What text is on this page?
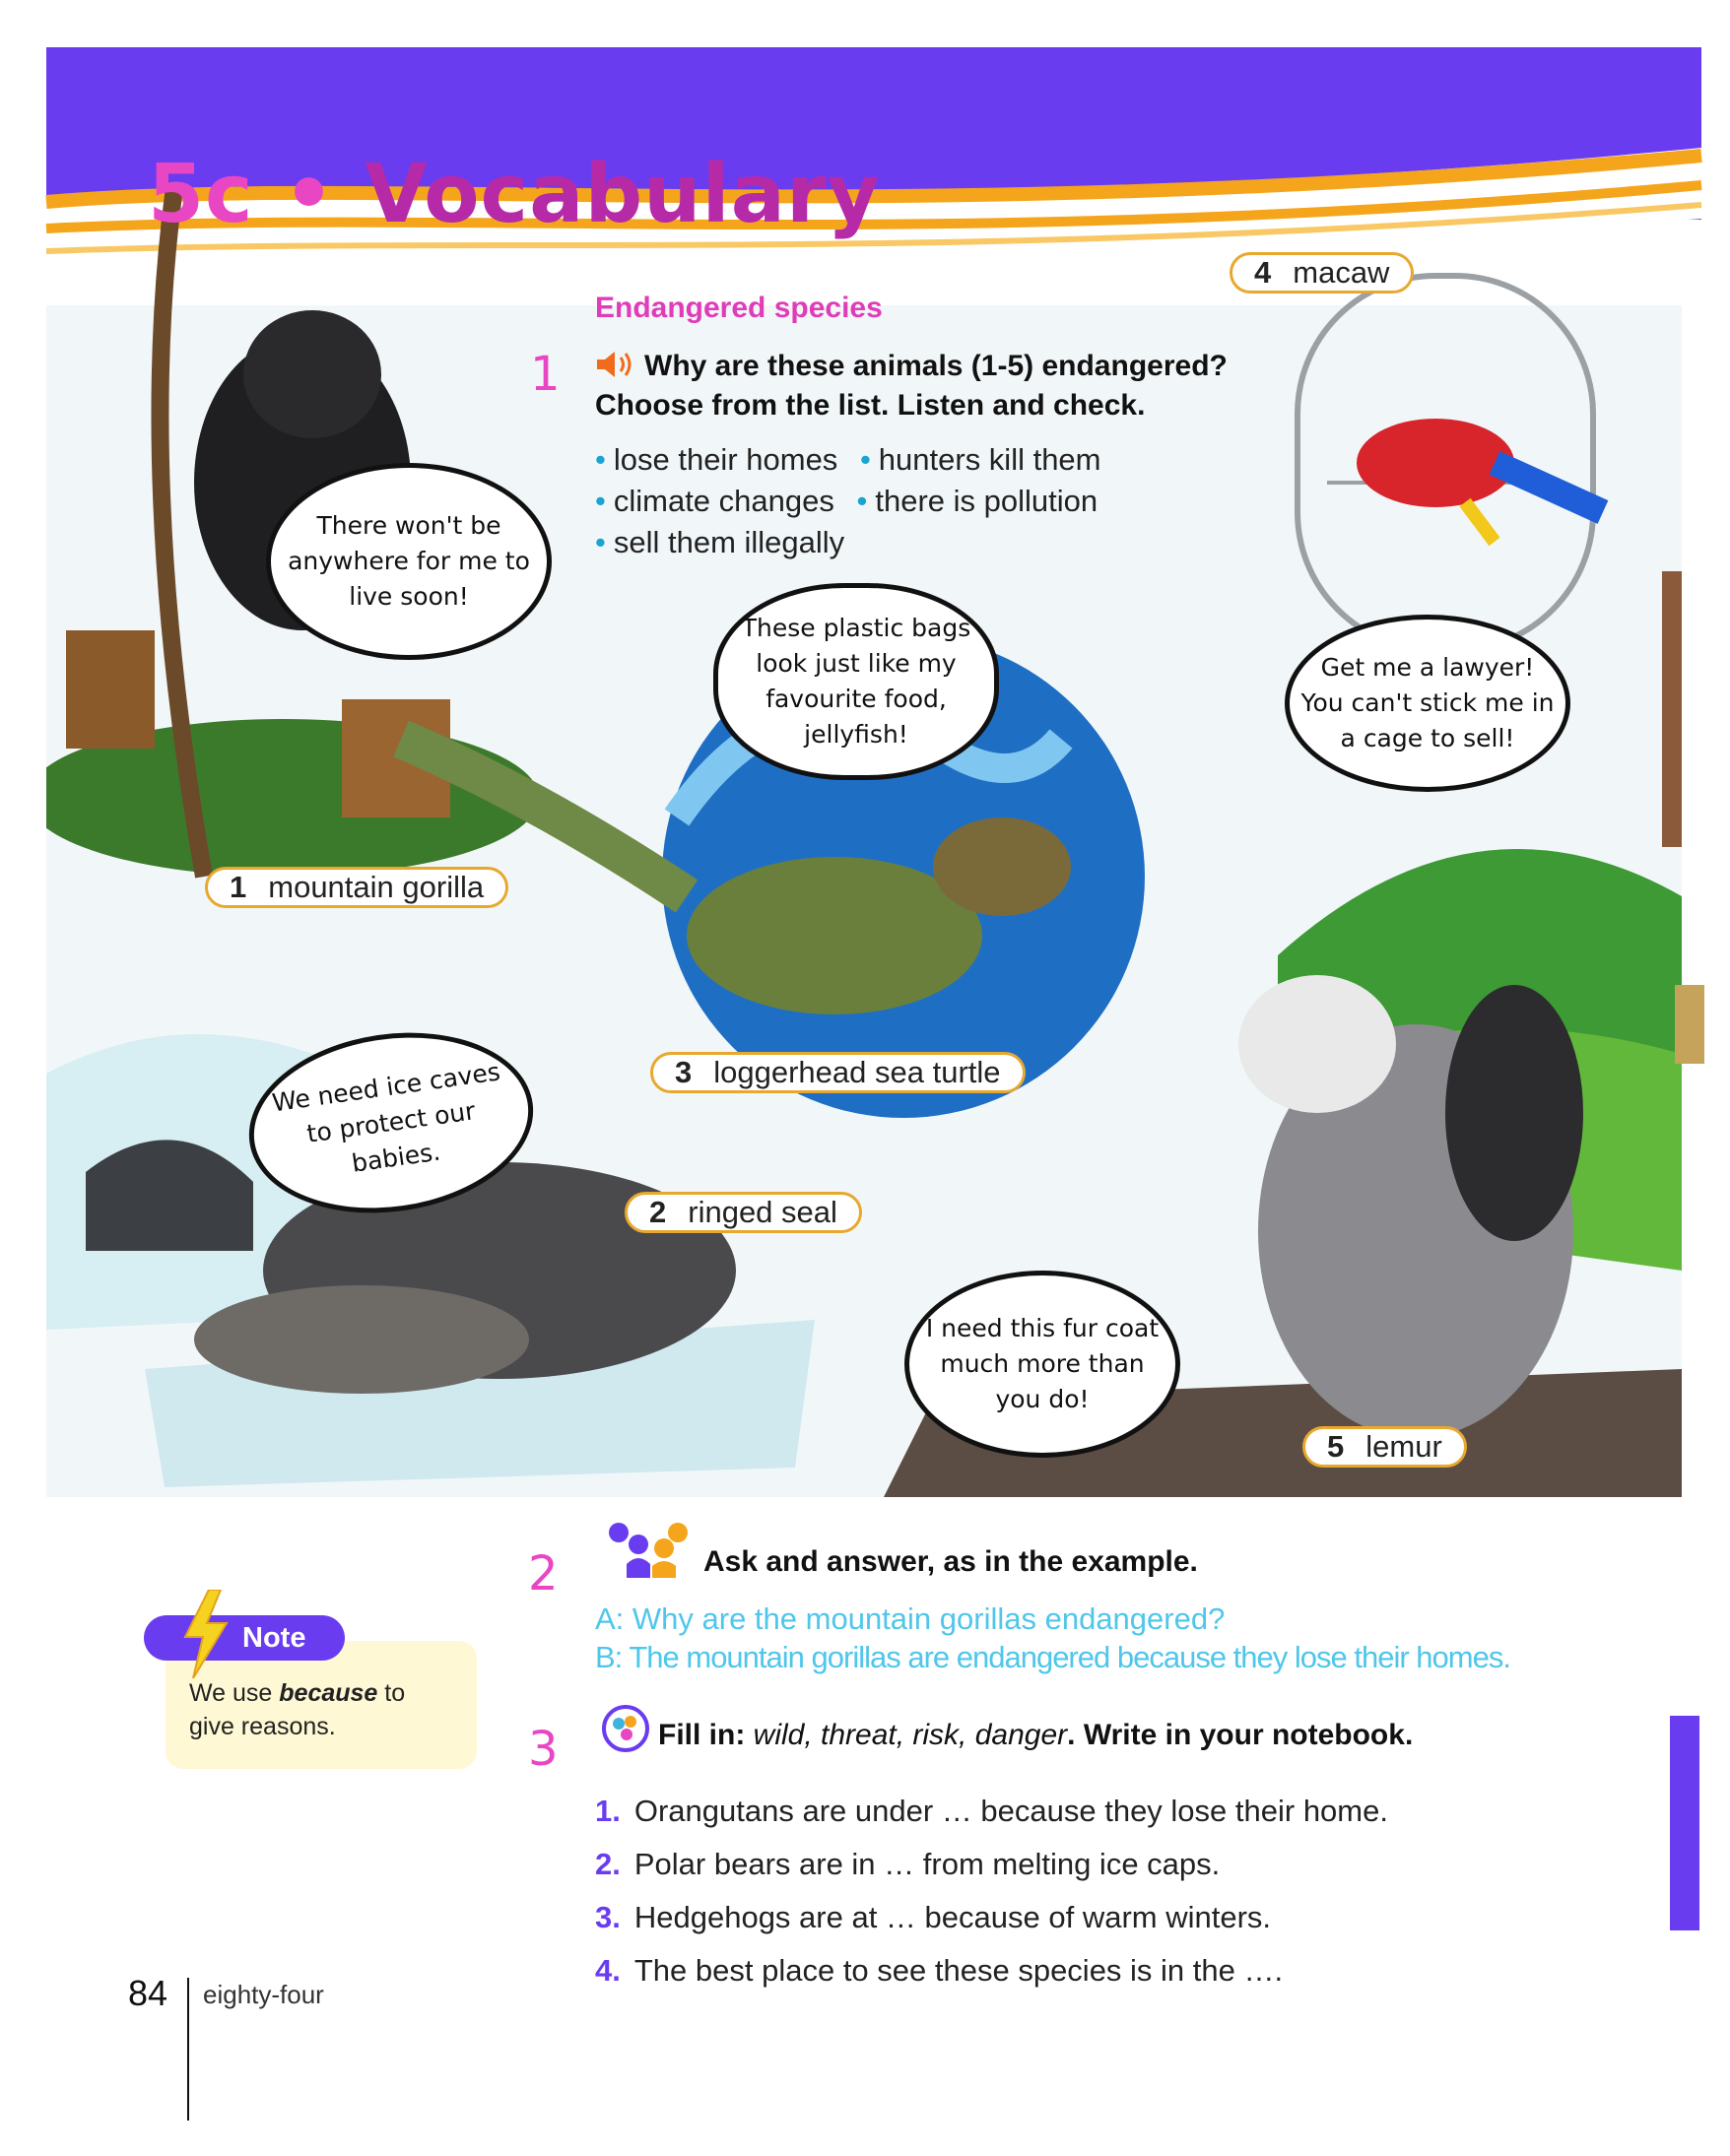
5c • Vocabulary
Endangered species
1	Why are these animals (1-5) endangered?
Choose from the list. Listen and check.
• lose their homes • hunters kill them
• climate changes • there is pollution
• sell them illegally
1 mountain gorilla
2 ringed seal
3 loggerhead sea turtle
4 macaw
5 lemur
There won't be anywhere for me to live soon!
These plastic bags look just like my favourite food, jellyfish!
Get me a lawyer! You can't stick me in a cage to sell!
We need ice caves to protect our babies.
I need this fur coat much more than you do!
2	Ask and answer, as in the example.
A: Why are the mountain gorillas endangered?
B: The mountain gorillas are endangered because they lose their homes.
Note
We use because to give reasons.	3	Fill in: wild, threat, risk, danger. Write in your notebook.
1. Orangutans are under … because they lose their home.
2. Polar bears are in … from melting ice caps.
3. Hedgehogs are at … because of warm winters.
4. The best place to see these species is in the ….
84 eighty-four
